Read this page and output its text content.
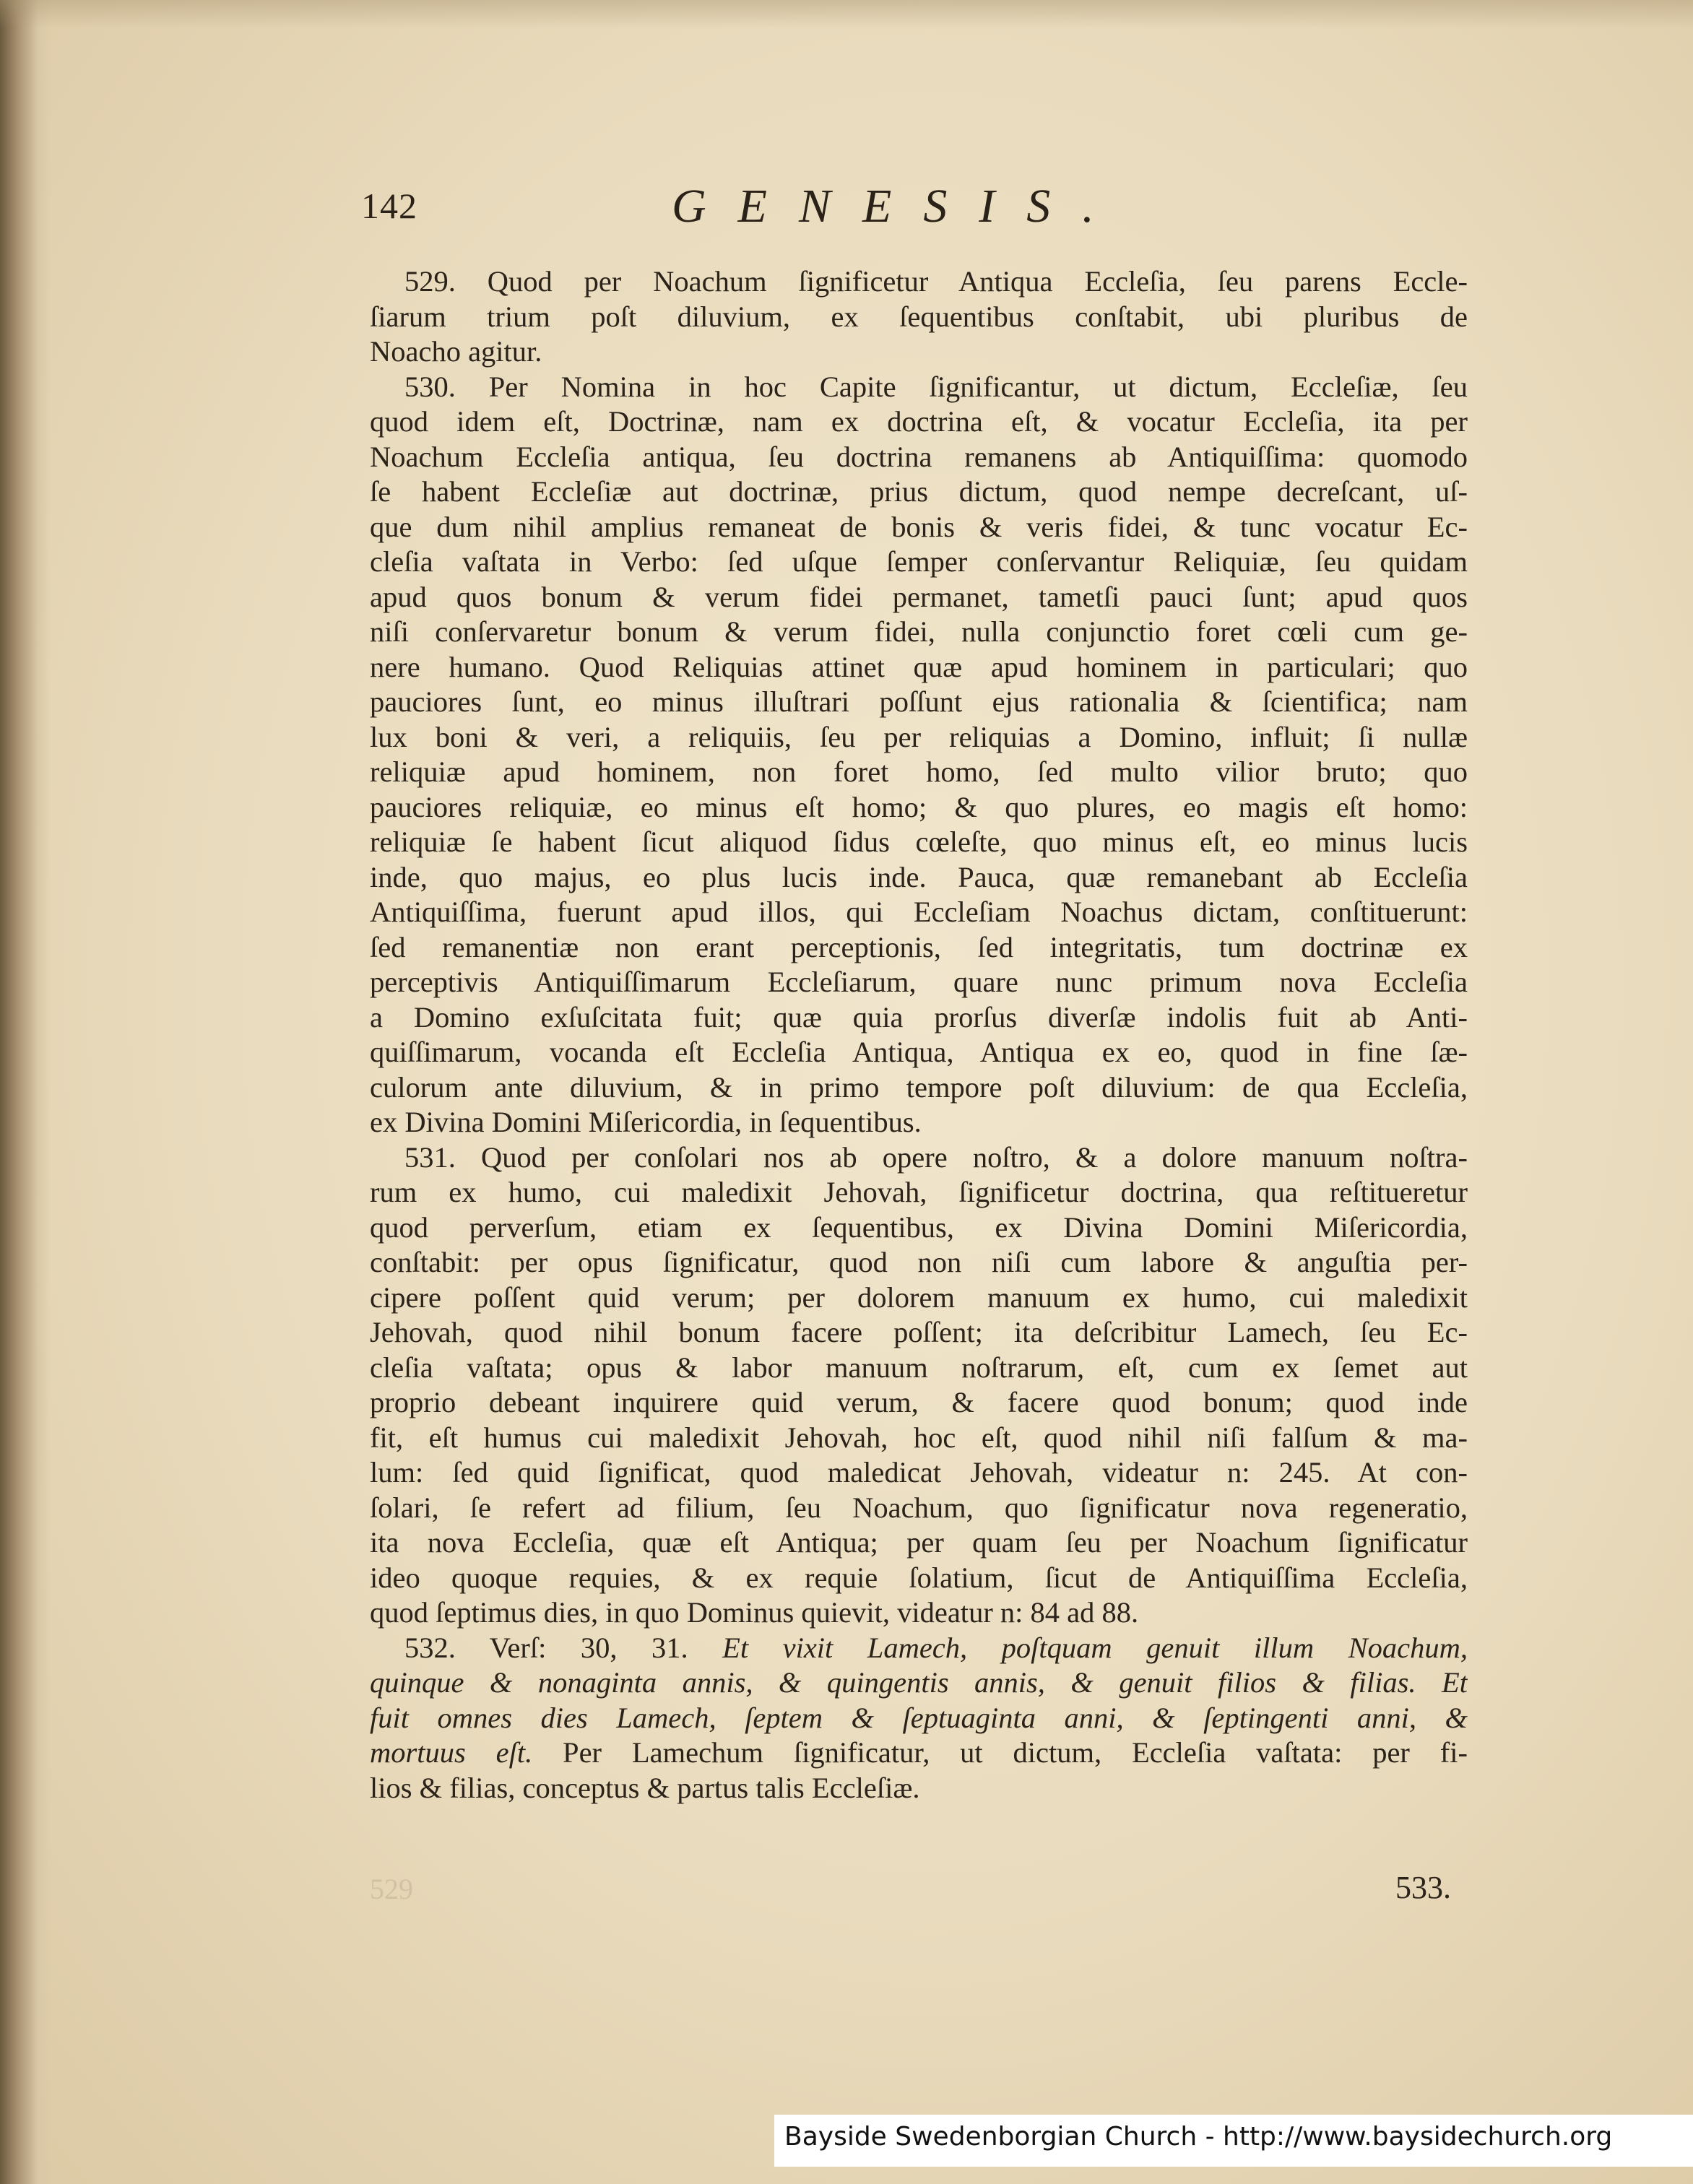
142	GENESIS.
529. Quod per Noachum ſignificetur Antiqua Eccleſia, ſeu parens Eccle-
ſiarum trium poſt diluvium, ex ſequentibus conſtabit, ubi pluribus de
Noacho agitur.
530. Per Nomina in hoc Capite ſignificantur, ut dictum, Eccleſiæ, ſeu
quod idem eſt, Doctrinæ, nam ex doctrina eſt, & vocatur Eccleſia, ita per
Noachum Eccleſia antiqua, ſeu doctrina remanens ab Antiquiſſima: quomodo
ſe habent Eccleſiæ aut doctrinæ, prius dictum, quod nempe decreſcant, uſ-
que dum nihil amplius remaneat de bonis & veris fidei, & tunc vocatur Ec-
cleſia vaſtata in Verbo: ſed uſque ſemper conſervantur Reliquiæ, ſeu quidam
apud quos bonum & verum fidei permanet, tametſi pauci ſunt; apud quos
niſi conſervaretur bonum & verum fidei, nulla conjunctio foret cœli cum ge-
nere humano. Quod Reliquias attinet quæ apud hominem in particulari; quo
pauciores ſunt, eo minus illuſtrari poſſunt ejus rationalia & ſcientifica; nam
lux boni & veri, a reliquiis, ſeu per reliquias a Domino, influit; ſi nullæ
reliquiæ apud hominem, non foret homo, ſed multo vilior bruto; quo
pauciores reliquiæ, eo minus eſt homo; & quo plures, eo magis eſt homo:
reliquiæ ſe habent ſicut aliquod ſidus cœleſte, quo minus eſt, eo minus lucis
inde, quo majus, eo plus lucis inde. Pauca, quæ remanebant ab Eccleſia
Antiquiſſima, fuerunt apud illos, qui Eccleſiam Noachus dictam, conſtituerunt:
ſed remanentiæ non erant perceptionis, ſed integritatis, tum doctrinæ ex
perceptivis Antiquiſſimarum Eccleſiarum, quare nunc primum nova Eccleſia
a Domino exſuſcitata fuit; quæ quia prorſus diverſæ indolis fuit ab Anti-
quiſſimarum, vocanda eſt Eccleſia Antiqua, Antiqua ex eo, quod in fine ſæ-
culorum ante diluvium, & in primo tempore poſt diluvium: de qua Eccleſia,
ex Divina Domini Miſericordia, in ſequentibus.
531. Quod per conſolari nos ab opere noſtro, & a dolore manuum noſtra-
rum ex humo, cui maledixit Jehovah, ſignificetur doctrina, qua reſtitueretur
quod perverſum, etiam ex ſequentibus, ex Divina Domini Miſericordia,
conſtabit: per opus ſignificatur, quod non niſi cum labore & anguſtia per-
cipere poſſent quid verum; per dolorem manuum ex humo, cui maledixit
Jehovah, quod nihil bonum facere poſſent; ita deſcribitur Lamech, ſeu Ec-
cleſia vaſtata; opus & labor manuum noſtrarum, eſt, cum ex ſemet aut
proprio debeant inquirere quid verum, & facere quod bonum; quod inde
fit, eſt humus cui maledixit Jehovah, hoc eſt, quod nihil niſi falſum & ma-
lum: ſed quid ſignificat, quod maledicat Jehovah, videatur n: 245. At con-
ſolari, ſe refert ad filium, ſeu Noachum, quo ſignificatur nova regeneratio,
ita nova Eccleſia, quæ eſt Antiqua; per quam ſeu per Noachum ſignificatur
ideo quoque requies, & ex requie ſolatium, ſicut de Antiquiſſima Eccleſia,
quod ſeptimus dies, in quo Dominus quievit, videatur n: 84 ad 88.
532. Verſ: 30, 31. Et vixit Lamech, poſtquam genuit illum Noachum,
quinque & nonaginta annis, & quingentis annis, & genuit filios & filias. Et
fuit omnes dies Lamech, ſeptem & ſeptuaginta anni, & ſeptingenti anni, &
mortuus eſt. Per Lamechum ſignificatur, ut dictum, Eccleſia vaſtata: per fi-
lios & filias, conceptus & partus talis Eccleſiæ.
529	533.
Bayside Swedenborgian Church - http://www.baysidechurch.org
